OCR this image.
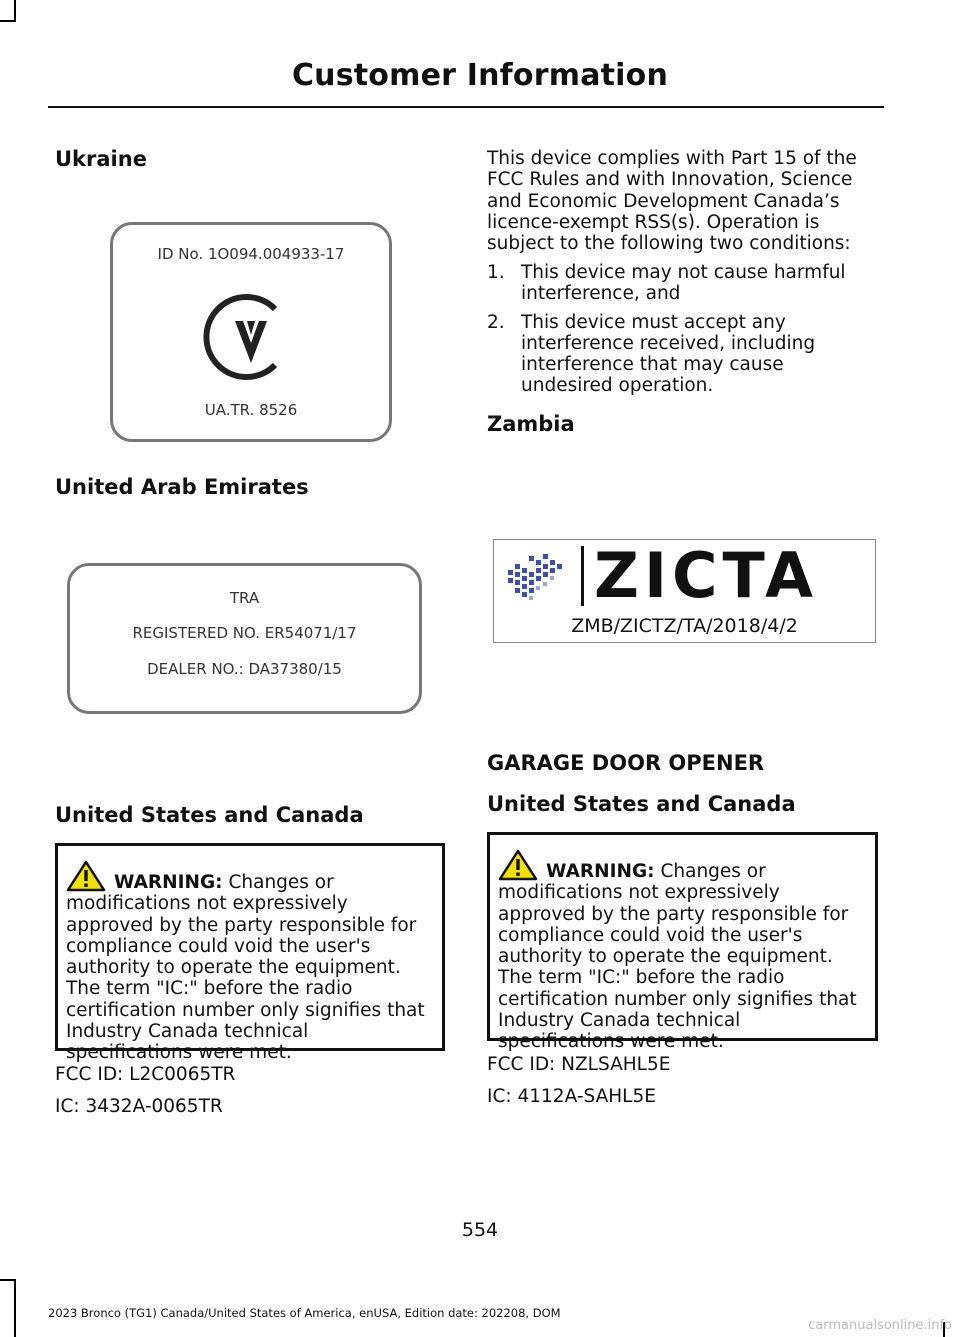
Customer Information
Ukraine
ID No. 1O094.004933-17
UA.TR. 8526
United Arab Emirates
TRA
REGISTERED NO. ER54071/17
DEALER NO.: DA37380/15
United States and Canada
WARNING: Changes or modifications not expressively approved by the party responsible for compliance could void the user's authority to operate the equipment. The term "IC:" before the radio certification number only signifies that Industry Canada technical specifications were met.
FCC ID: L2C0065TR
IC: 3432A-0065TR
This device complies with Part 15 of the FCC Rules and with Innovation, Science and Economic Development Canada’s licence-exempt RSS(s). Operation is subject to the following two conditions:
1. This device may not cause harmful interference, and
2. This device must accept any interference received, including interference that may cause undesired operation.
Zambia
ZICTA
ZMB/ZICTZ/TA/2018/4/2
GARAGE DOOR OPENER
United States and Canada
WARNING: Changes or modifications not expressively approved by the party responsible for compliance could void the user's authority to operate the equipment. The term "IC:" before the radio certification number only signifies that Industry Canada technical specifications were met.
FCC ID: NZLSAHL5E
IC: 4112A-SAHL5E
554
2023 Bronco (TG1) Canada/United States of America, enUSA, Edition date: 202208, DOM
carmanualsonline.info
